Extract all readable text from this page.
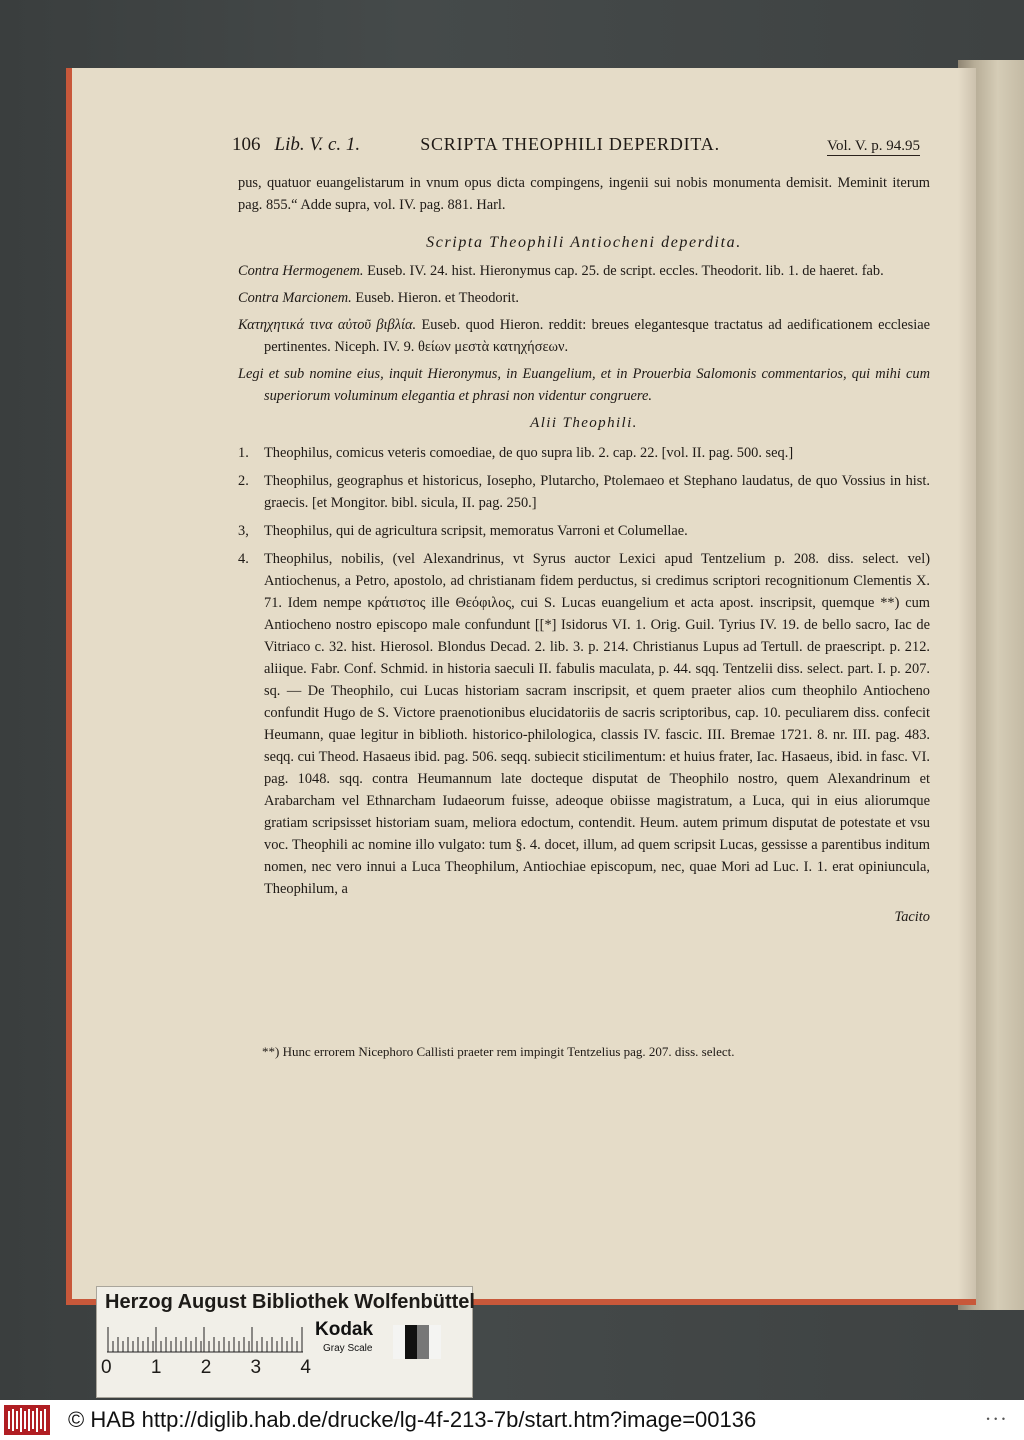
106 Lib. V. c. 1.	SCRIPTA THEOPHILI DEPERDITA.	Vol. V. p. 94.95

pus, quatuor euangelistarum in vnum opus dicta compingens, ingenii sui nobis monumenta demisit. Meminit iterum pag. 855.“ Adde supra, vol. IV. pag. 881. Harl.

Scripta Theophili Antiocheni deperdita.

Contra Hermogenem. Euseb. IV. 24. hist. Hieronymus cap. 25. de script. eccles. Theodorit. lib. 1. de haeret. fab.

Contra Marcionem. Euseb. Hieron. et Theodorit.

Κατηχητικά τινα αὐτοῦ βιβλία. Euseb. quod Hieron. reddit: breues elegantesque tractatus ad aedificationem ecclesiae pertinentes. Niceph. IV. 9. θείων μεστὰ κατηχήσεων.

Legi et sub nomine eius, inquit Hieronymus, in Euangelium, et in Prouerbia Salomonis commentarios, qui mihi cum superiorum voluminum elegantia et phrasi non videntur congruere.

Alii Theophili.

1.	Theophilus, comicus veteris comoediae, de quo supra lib. 2. cap. 22. [vol. II. pag. 500. seq.]
2.	Theophilus, geographus et historicus, Iosepho, Plutarcho, Ptolemaeo et Stephano laudatus, de quo Vossius in hist. graecis. [et Mongitor. bibl. sicula, II. pag. 250.]
3,	Theophilus, qui de agricultura scripsit, memoratus Varroni et Columellae.
4.	Theophilus, nobilis, (vel Alexandrinus, vt Syrus auctor Lexici apud Tentzelium p. 208. diss. select. vel) Antiochenus, a Petro, apostolo, ad christianam fidem perductus, si credimus scriptori recognitionum Clementis X. 71. Idem nempe κράτιστος ille Θεόφιλος, cui S. Lucas euangelium et acta apost. inscripsit, quemque **) cum Antiocheno nostro episcopo male confundunt [[*] Isidorus VI. 1. Orig. Guil. Tyrius IV. 19. de bello sacro, Iac de Vitriaco c. 32. hist. Hierosol. Blondus Decad. 2. lib. 3. p. 214. Christianus Lupus ad Tertull. de praescript. p. 212. aliique. Fabr. Conf. Schmid. in historia saeculi II. fabulis maculata, p. 44. sqq. Tentzelii diss. select. part. I. p. 207. sq. — De Theophilo, cui Lucas historiam sacram inscripsit, et quem praeter alios cum theophilo Antiocheno confundit Hugo de S. Victore praenotionibus elucidatoriis de sacris scriptoribus, cap. 10. peculiarem diss. confecit Heumann, quae legitur in biblioth. historico-philologica, classis IV. fascic. III. Bremae 1721. 8. nr. III. pag. 483. seqq. cui Theod. Hasaeus ibid. pag. 506. seqq. subiecit sticilimentum: et huius frater, Iac. Hasaeus, ibid. in fasc. VI. pag. 1048. sqq. contra Heumannum late docteque disputat de Theophilo nostro, quem Alexandrinum et Arabarcham vel Ethnarcham Iudaeorum fuisse, adeoque obiisse magistratum, a Luca, qui in eius aliorumque gratiam scripsisset historiam suam, meliora edoctum, contendit. Heum. autem primum disputat de potestate et vsu voc. Theophili ac nomine illo vulgato: tum §. 4. docet, illum, ad quem scripsit Lucas, gessisse a parentibus inditum nomen, nec vero innui a Luca Theophilum, Antiochiae episcopum, nec, quae Mori ad Luc. I. 1. erat opiniuncula, Theophilum, a

Tacito

**) Hunc errorem Nicephoro Callisti praeter rem impingit Tentzelius pag. 207. diss. select.
Herzog August Bibliothek Wolfenbüttel
0 1 2 3 4
Kodak
Gray Scale
© HAB http://diglib.hab.de/drucke/lg-4f-213-7b/start.htm?image=00136	• • •
